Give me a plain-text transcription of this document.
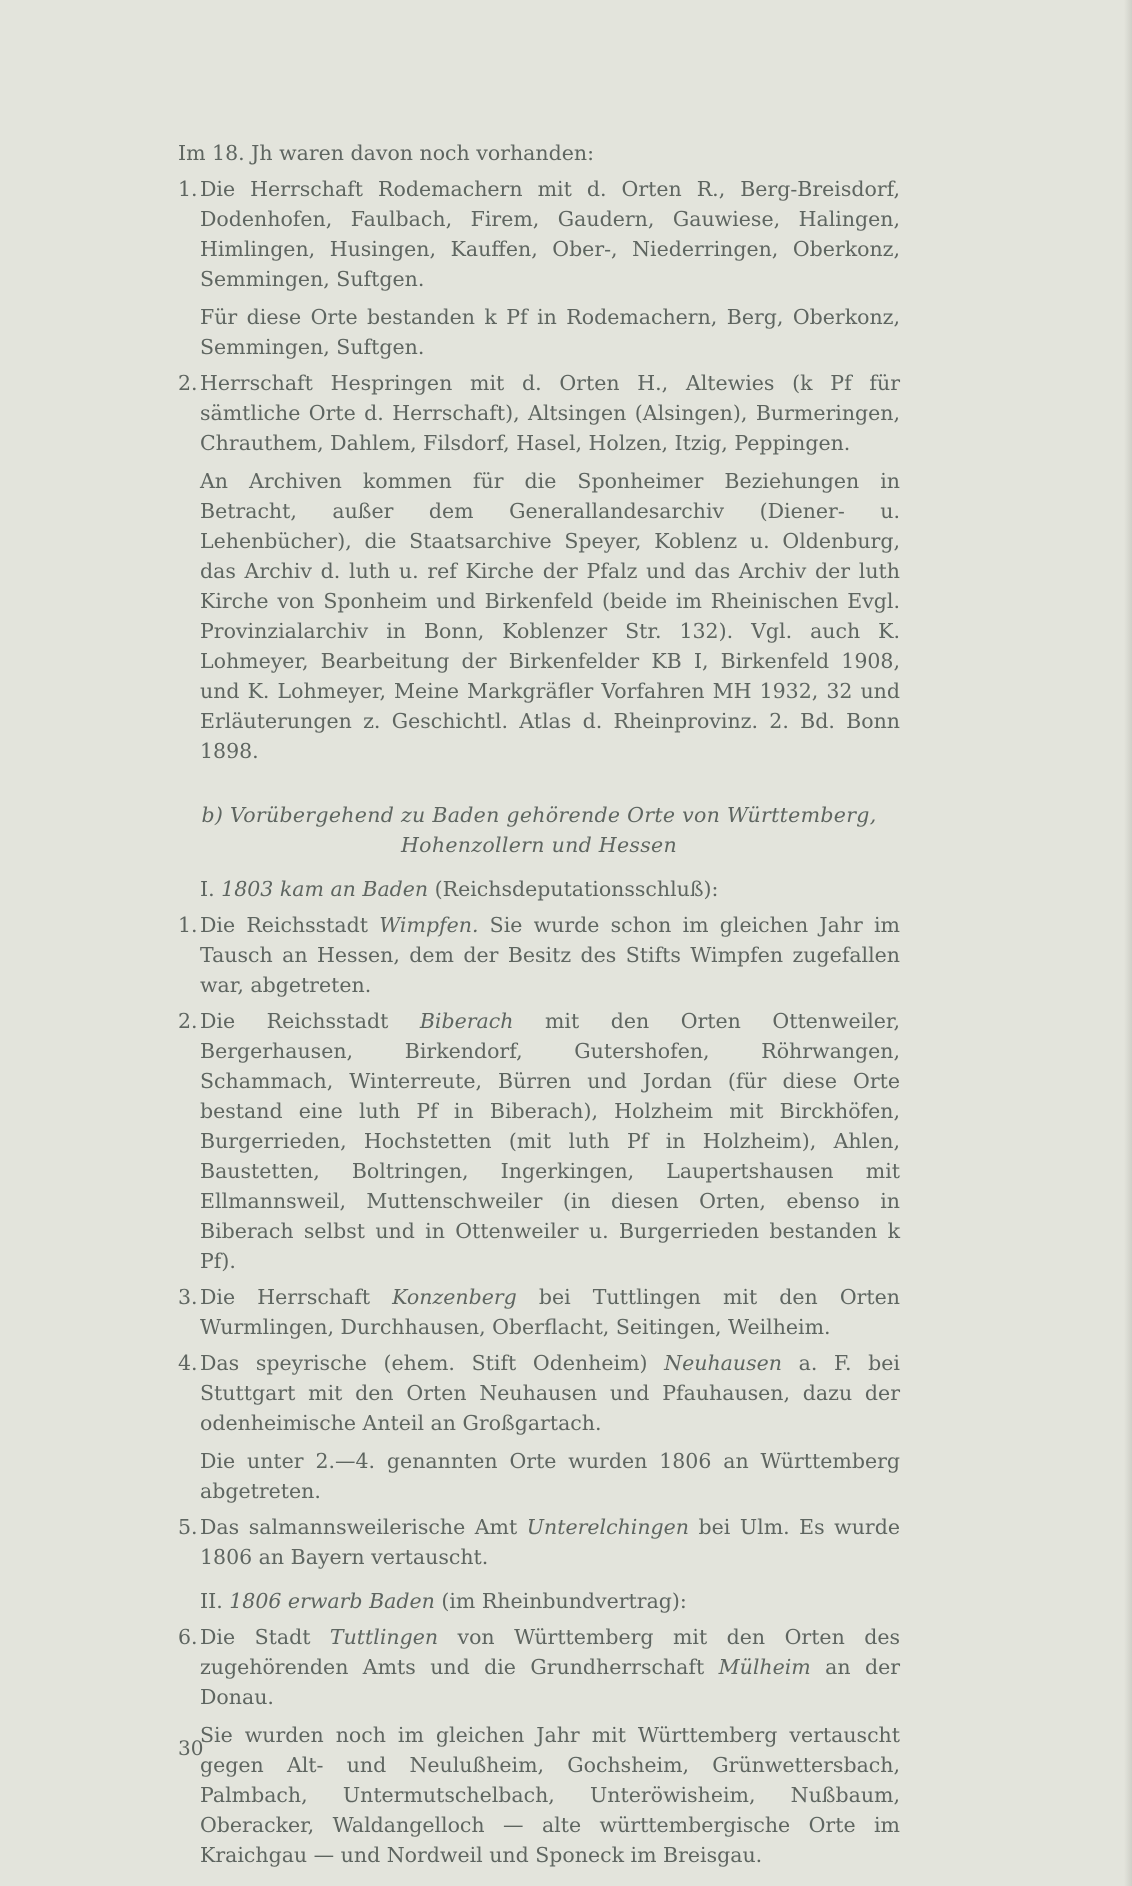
Im 18. Jh waren davon noch vorhanden:

1. Die Herrschaft Rodemachern mit d. Orten R., Berg-Breisdorf, Dodenhofen, Faulbach, Firem, Gaudern, Gauwiese, Halingen, Himlingen, Husingen, Kauffen, Ober-, Niederringen, Oberkonz, Semmingen, Suftgen.

Für diese Orte bestanden k Pf in Rodemachern, Berg, Oberkonz, Semmingen, Suftgen.

2. Herrschaft Hespringen mit d. Orten H., Altewies (k Pf für sämtliche Orte d. Herrschaft), Altsingen (Alsingen), Burmeringen, Chrauthem, Dahlem, Filsdorf, Hasel, Holzen, Itzig, Peppingen.

An Archiven kommen für die Sponheimer Beziehungen in Betracht, außer dem Generallandesarchiv (Diener- u. Lehenbücher), die Staatsarchive Speyer, Koblenz u. Oldenburg, das Archiv d. luth u. ref Kirche der Pfalz und das Archiv der luth Kirche von Sponheim und Birkenfeld (beide im Rheinischen Evgl. Provinzialarchiv in Bonn, Koblenzer Str. 132). Vgl. auch K. Lohmeyer, Bearbeitung der Birkenfelder KB I, Birkenfeld 1908, und K. Lohmeyer, Meine Markgräfler Vorfahren MH 1932, 32 und Erläuterungen z. Geschichtl. Atlas d. Rheinprovinz. 2. Bd. Bonn 1898.

b) Vorübergehend zu Baden gehörende Orte von Württemberg, Hohenzollern und Hessen

I. 1803 kam an Baden (Reichsdeputationsschluß):

1. Die Reichsstadt Wimpfen. Sie wurde schon im gleichen Jahr im Tausch an Hessen, dem der Besitz des Stifts Wimpfen zugefallen war, abgetreten.
2. Die Reichsstadt Biberach mit den Orten Ottenweiler, Bergerhausen, Birkendorf, Gutershofen, Röhrwangen, Schammach, Winterreute, Bürren und Jordan (für diese Orte bestand eine luth Pf in Biberach), Holzheim mit Birckhöfen, Burgerrieden, Hochstetten (mit luth Pf in Holzheim), Ahlen, Baustetten, Boltringen, Ingerkingen, Laupertshausen mit Ellmannsweil, Muttenschweiler (in diesen Orten, ebenso in Biberach selbst und in Ottenweiler u. Burgerrieden bestanden k Pf).
3. Die Herrschaft Konzenberg bei Tuttlingen mit den Orten Wurmlingen, Durchhausen, Oberflacht, Seitingen, Weilheim.
4. Das speyrische (ehem. Stift Odenheim) Neuhausen a. F. bei Stuttgart mit den Orten Neuhausen und Pfauhausen, dazu der odenheimische Anteil an Großgartach.

Die unter 2.—4. genannten Orte wurden 1806 an Württemberg abgetreten.

5. Das salmannsweilerische Amt Unterelchingen bei Ulm. Es wurde 1806 an Bayern vertauscht.

II. 1806 erwarb Baden (im Rheinbundvertrag):

6. Die Stadt Tuttlingen von Württemberg mit den Orten des zugehörenden Amts und die Grundherrschaft Mülheim an der Donau.

Sie wurden noch im gleichen Jahr mit Württemberg vertauscht gegen Alt- und Neulußheim, Gochsheim, Grünwettersbach, Palmbach, Untermutschelbach, Unteröwisheim, Nußbaum, Oberacker, Waldangelloch — alte württembergische Orte im Kraichgau — und Nordweil und Sponeck im Breisgau.

30
